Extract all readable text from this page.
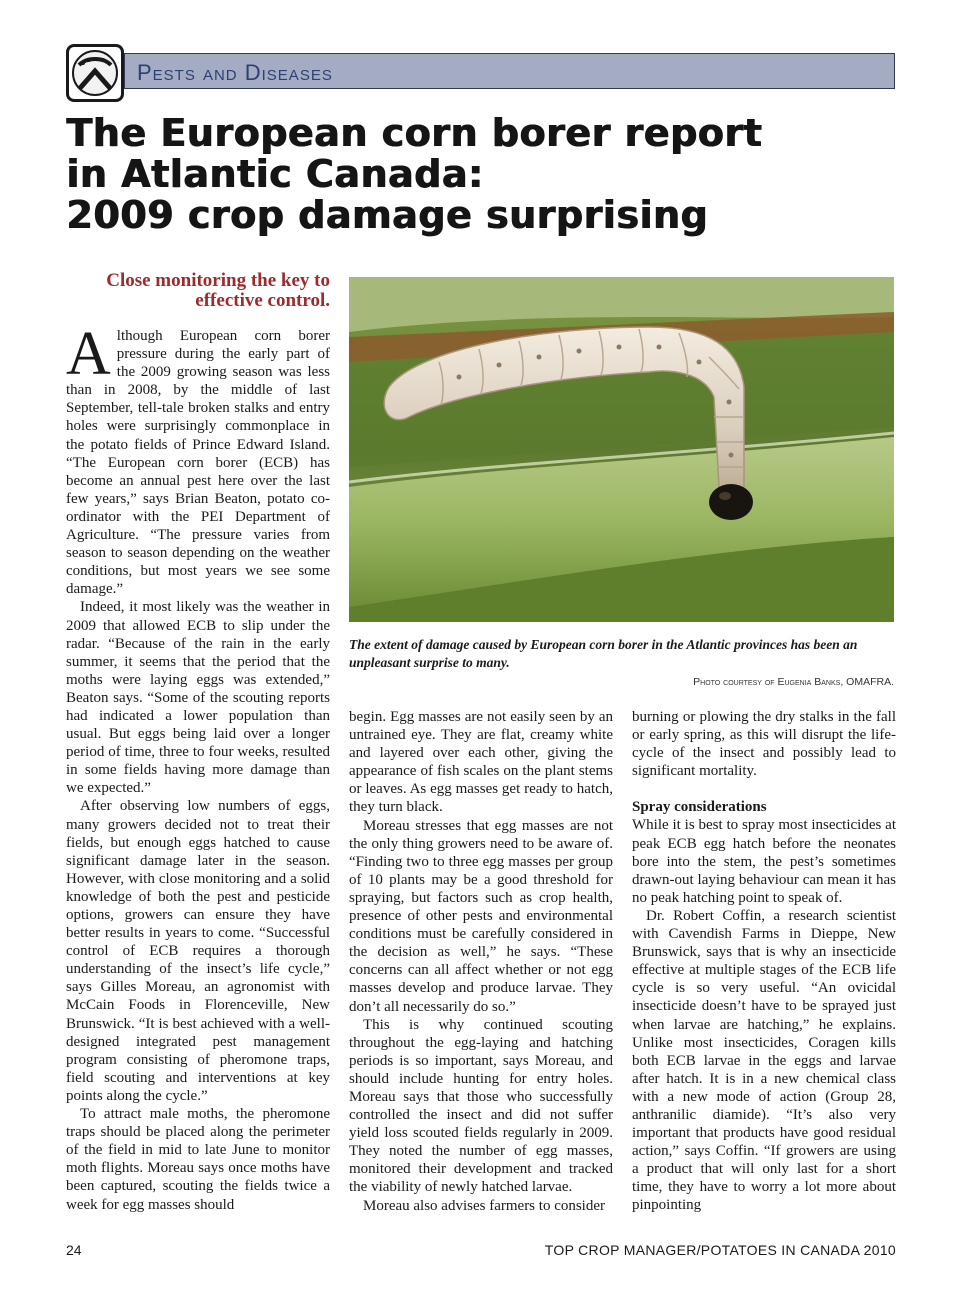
Pests and Diseases
The European corn borer report
in Atlantic Canada:
2009 crop damage surprising
Close monitoring the key to
effective control.

Although European corn borer pressure during the early part of the 2009 growing season was less than in 2008, by the middle of last September, tell-tale broken stalks and entry holes were surprisingly commonplace in the potato fields of Prince Edward Island. “The European corn borer (ECB) has become an annual pest here over the last few years,” says Brian Beaton, potato co-ordinator with the PEI Department of Agriculture. “The pressure varies from season to season depending on the weather conditions, but most years we see some damage.”

Indeed, it most likely was the weather in 2009 that allowed ECB to slip under the radar. “Because of the rain in the early summer, it seems that the period that the moths were laying eggs was extended,” Beaton says. “Some of the scouting reports had indicated a lower population than usual. But eggs being laid over a longer period of time, three to four weeks, resulted in some fields having more damage than we expected.”

After observing low numbers of eggs, many growers decided not to treat their fields, but enough eggs hatched to cause significant damage later in the season. However, with close monitoring and a solid knowledge of both the pest and pesticide options, growers can ensure they have better results in years to come. “Successful control of ECB requires a thorough understanding of the insect’s life cycle,” says Gilles Moreau, an agronomist with McCain Foods in Florenceville, New Brunswick. “It is best achieved with a well-designed integrated pest management program consisting of pheromone traps, field scouting and interventions at key points along the cycle.”

To attract male moths, the pheromone traps should be placed along the perimeter of the field in mid to late June to monitor moth flights. Moreau says once moths have been captured, scouting the fields twice a week for egg masses should

The extent of damage caused by European corn borer in the Atlantic provinces has been an unpleasant surprise to many.

Photo courtesy of Eugenia Banks, OMAFRA.

begin. Egg masses are not easily seen by an untrained eye. They are flat, creamy white and layered over each other, giving the appearance of fish scales on the plant stems or leaves. As egg masses get ready to hatch, they turn black.

Moreau stresses that egg masses are not the only thing growers need to be aware of. “Finding two to three egg masses per group of 10 plants may be a good threshold for spraying, but factors such as crop health, presence of other pests and environmental conditions must be carefully considered in the decision as well,” he says. “These concerns can all affect whether or not egg masses develop and produce larvae. They don’t all necessarily do so.”

This is why continued scouting throughout the egg-laying and hatching periods is so important, says Moreau, and should include hunting for entry holes. Moreau says that those who successfully controlled the insect and did not suffer yield loss scouted fields regularly in 2009. They noted the number of egg masses, monitored their development and tracked the viability of newly hatched larvae.

Moreau also advises farmers to consider

burning or plowing the dry stalks in the fall or early spring, as this will disrupt the life-cycle of the insect and possibly lead to significant mortality.

Spray considerations

While it is best to spray most insecticides at peak ECB egg hatch before the neonates bore into the stem, the pest’s sometimes drawn-out laying behaviour can mean it has no peak hatching point to speak of.

Dr. Robert Coffin, a research scientist with Cavendish Farms in Dieppe, New Brunswick, says that is why an insecticide effective at multiple stages of the ECB life cycle is so very useful. “An ovicidal insecticide doesn’t have to be sprayed just when larvae are hatching,” he explains. Unlike most insecticides, Coragen kills both ECB larvae in the eggs and larvae after hatch. It is in a new chemical class with a new mode of action (Group 28, anthranilic diamide). “It’s also very important that products have good residual action,” says Coffin. “If growers are using a product that will only last for a short time, they have to worry a lot more about pinpointing

24	TOP CROP MANAGER/POTATOES IN CANADA 2010
